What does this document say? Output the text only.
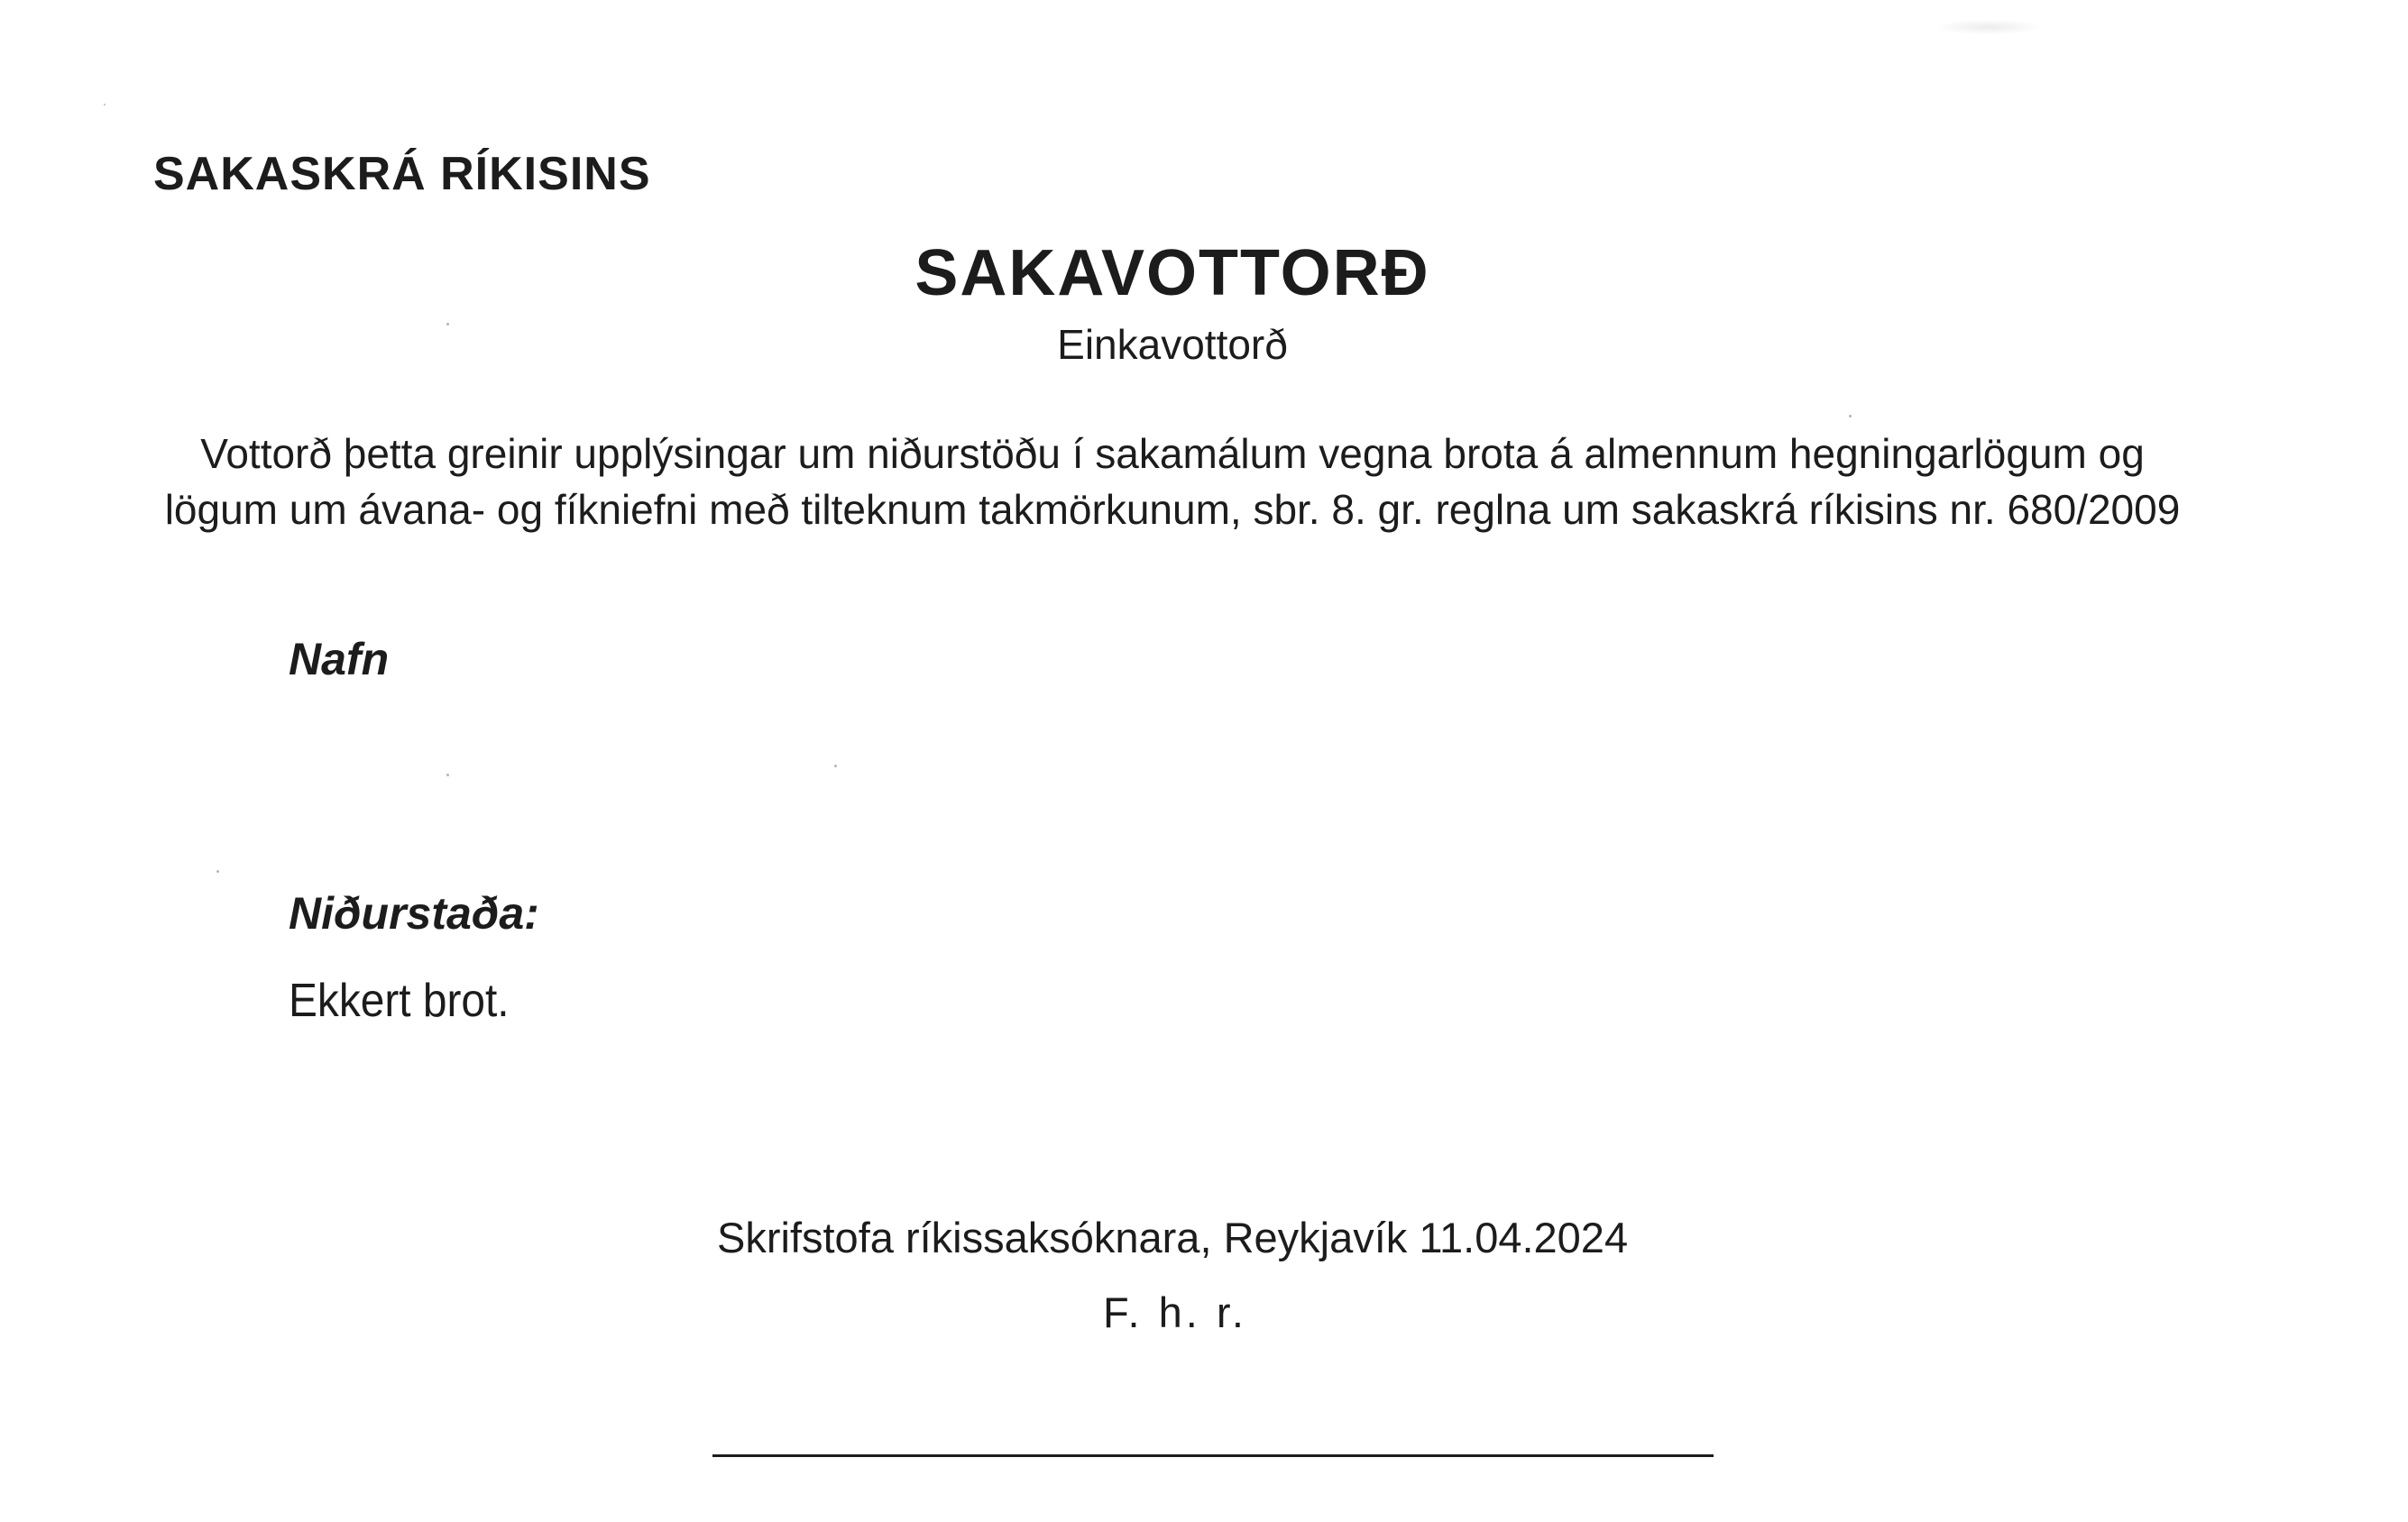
SAKASKRÁ RÍKISINS
SAKAVOTTORÐ
Einkavottorð
Vottorð þetta greinir upplýsingar um niðurstöðu í sakamálum vegna brota á almennum hegningarlögum og
lögum um ávana- og fíkniefni með tilteknum takmörkunum, sbr. 8. gr. reglna um sakaskrá ríkisins nr. 680/2009
Nafn
Niðurstaða:
Ekkert brot.
Skrifstofa ríkissaksóknara, Reykjavík 11.04.2024
F. h. r.
